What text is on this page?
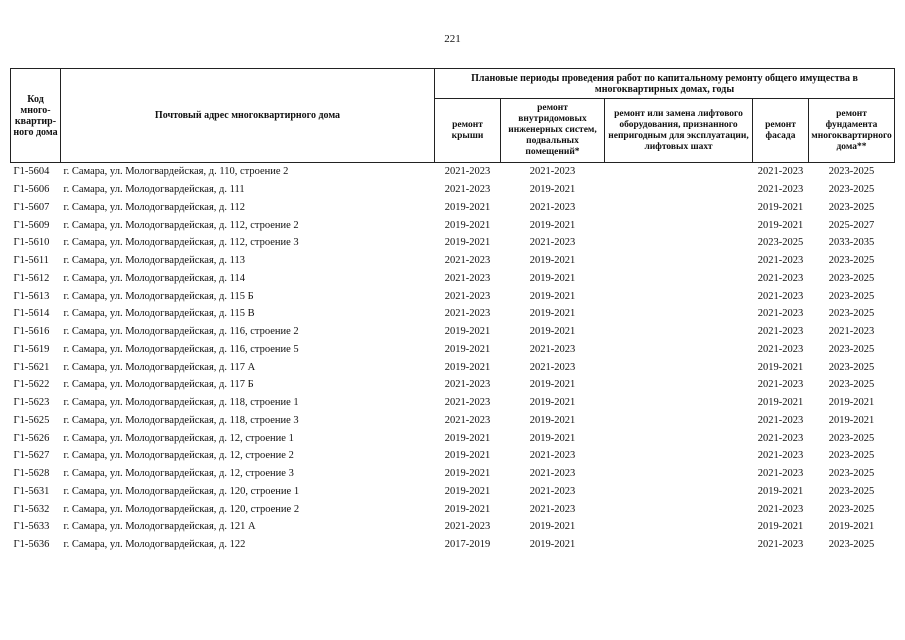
221
Код много-квартир-ного дома	Почтовый адрес многоквартирного дома	Плановые периоды проведения работ по капитальному ремонту общего имущества в многоквартирных домах, годы				
		ремонт крыши	ремонт внутридомовых инженерных систем, подвальных помещений*	ремонт или замена лифтового оборудования, признанного непригодным для эксплуатации, лифтовых шахт	ремонт фасада	ремонт фундамента многоквартирного дома**
Г1-5604	г. Самара, ул. Мологвардейская, д. 110, строение 2	2021-2023	2021-2023		2021-2023	2023-2025
Г1-5606	г. Самара, ул. Молодогвардейская, д. 111	2021-2023	2019-2021		2021-2023	2023-2025
Г1-5607	г. Самара, ул. Молодогвардейская, д. 112	2019-2021	2021-2023		2019-2021	2023-2025
Г1-5609	г. Самара, ул. Молодогвардейская, д. 112, строение 2	2019-2021	2019-2021		2019-2021	2025-2027
Г1-5610	г. Самара, ул. Молодогвардейская, д. 112, строение 3	2019-2021	2021-2023		2023-2025	2033-2035
Г1-5611	г. Самара, ул. Молодогвардейская, д. 113	2021-2023	2019-2021		2021-2023	2023-2025
Г1-5612	г. Самара, ул. Молодогвардейская, д. 114	2021-2023	2019-2021		2021-2023	2023-2025
Г1-5613	г. Самара, ул. Молодогвардейская, д. 115 Б	2021-2023	2019-2021		2021-2023	2023-2025
Г1-5614	г. Самара, ул. Молодогвардейская, д. 115 В	2021-2023	2019-2021		2021-2023	2023-2025
Г1-5616	г. Самара, ул. Молодогвардейская, д. 116, строение 2	2019-2021	2019-2021		2021-2023	2021-2023
Г1-5619	г. Самара, ул. Молодогвардейская, д. 116, строение 5	2019-2021	2021-2023		2021-2023	2023-2025
Г1-5621	г. Самара, ул. Молодогвардейская, д. 117 А	2019-2021	2021-2023		2019-2021	2023-2025
Г1-5622	г. Самара, ул. Молодогвардейская, д. 117 Б	2021-2023	2019-2021		2021-2023	2023-2025
Г1-5623	г. Самара, ул. Молодогвардейская, д. 118, строение 1	2021-2023	2019-2021		2019-2021	2019-2021
Г1-5625	г. Самара, ул. Молодогвардейская, д. 118, строение 3	2021-2023	2019-2021		2021-2023	2019-2021
Г1-5626	г. Самара, ул. Молодогвардейская, д. 12, строение 1	2019-2021	2019-2021		2021-2023	2023-2025
Г1-5627	г. Самара, ул. Молодогвардейская, д. 12, строение 2	2019-2021	2021-2023		2021-2023	2023-2025
Г1-5628	г. Самара, ул. Молодогвардейская, д. 12, строение 3	2019-2021	2021-2023		2021-2023	2023-2025
Г1-5631	г. Самара, ул. Молодогвардейская, д. 120, строение 1	2019-2021	2021-2023		2019-2021	2023-2025
Г1-5632	г. Самара, ул. Молодогвардейская, д. 120, строение 2	2019-2021	2021-2023		2021-2023	2023-2025
Г1-5633	г. Самара, ул. Молодогвардейская, д. 121 А	2021-2023	2019-2021		2019-2021	2019-2021
Г1-5636	г. Самара, ул. Молодогвардейская, д. 122	2017-2019	2019-2021		2021-2023	2023-2025
